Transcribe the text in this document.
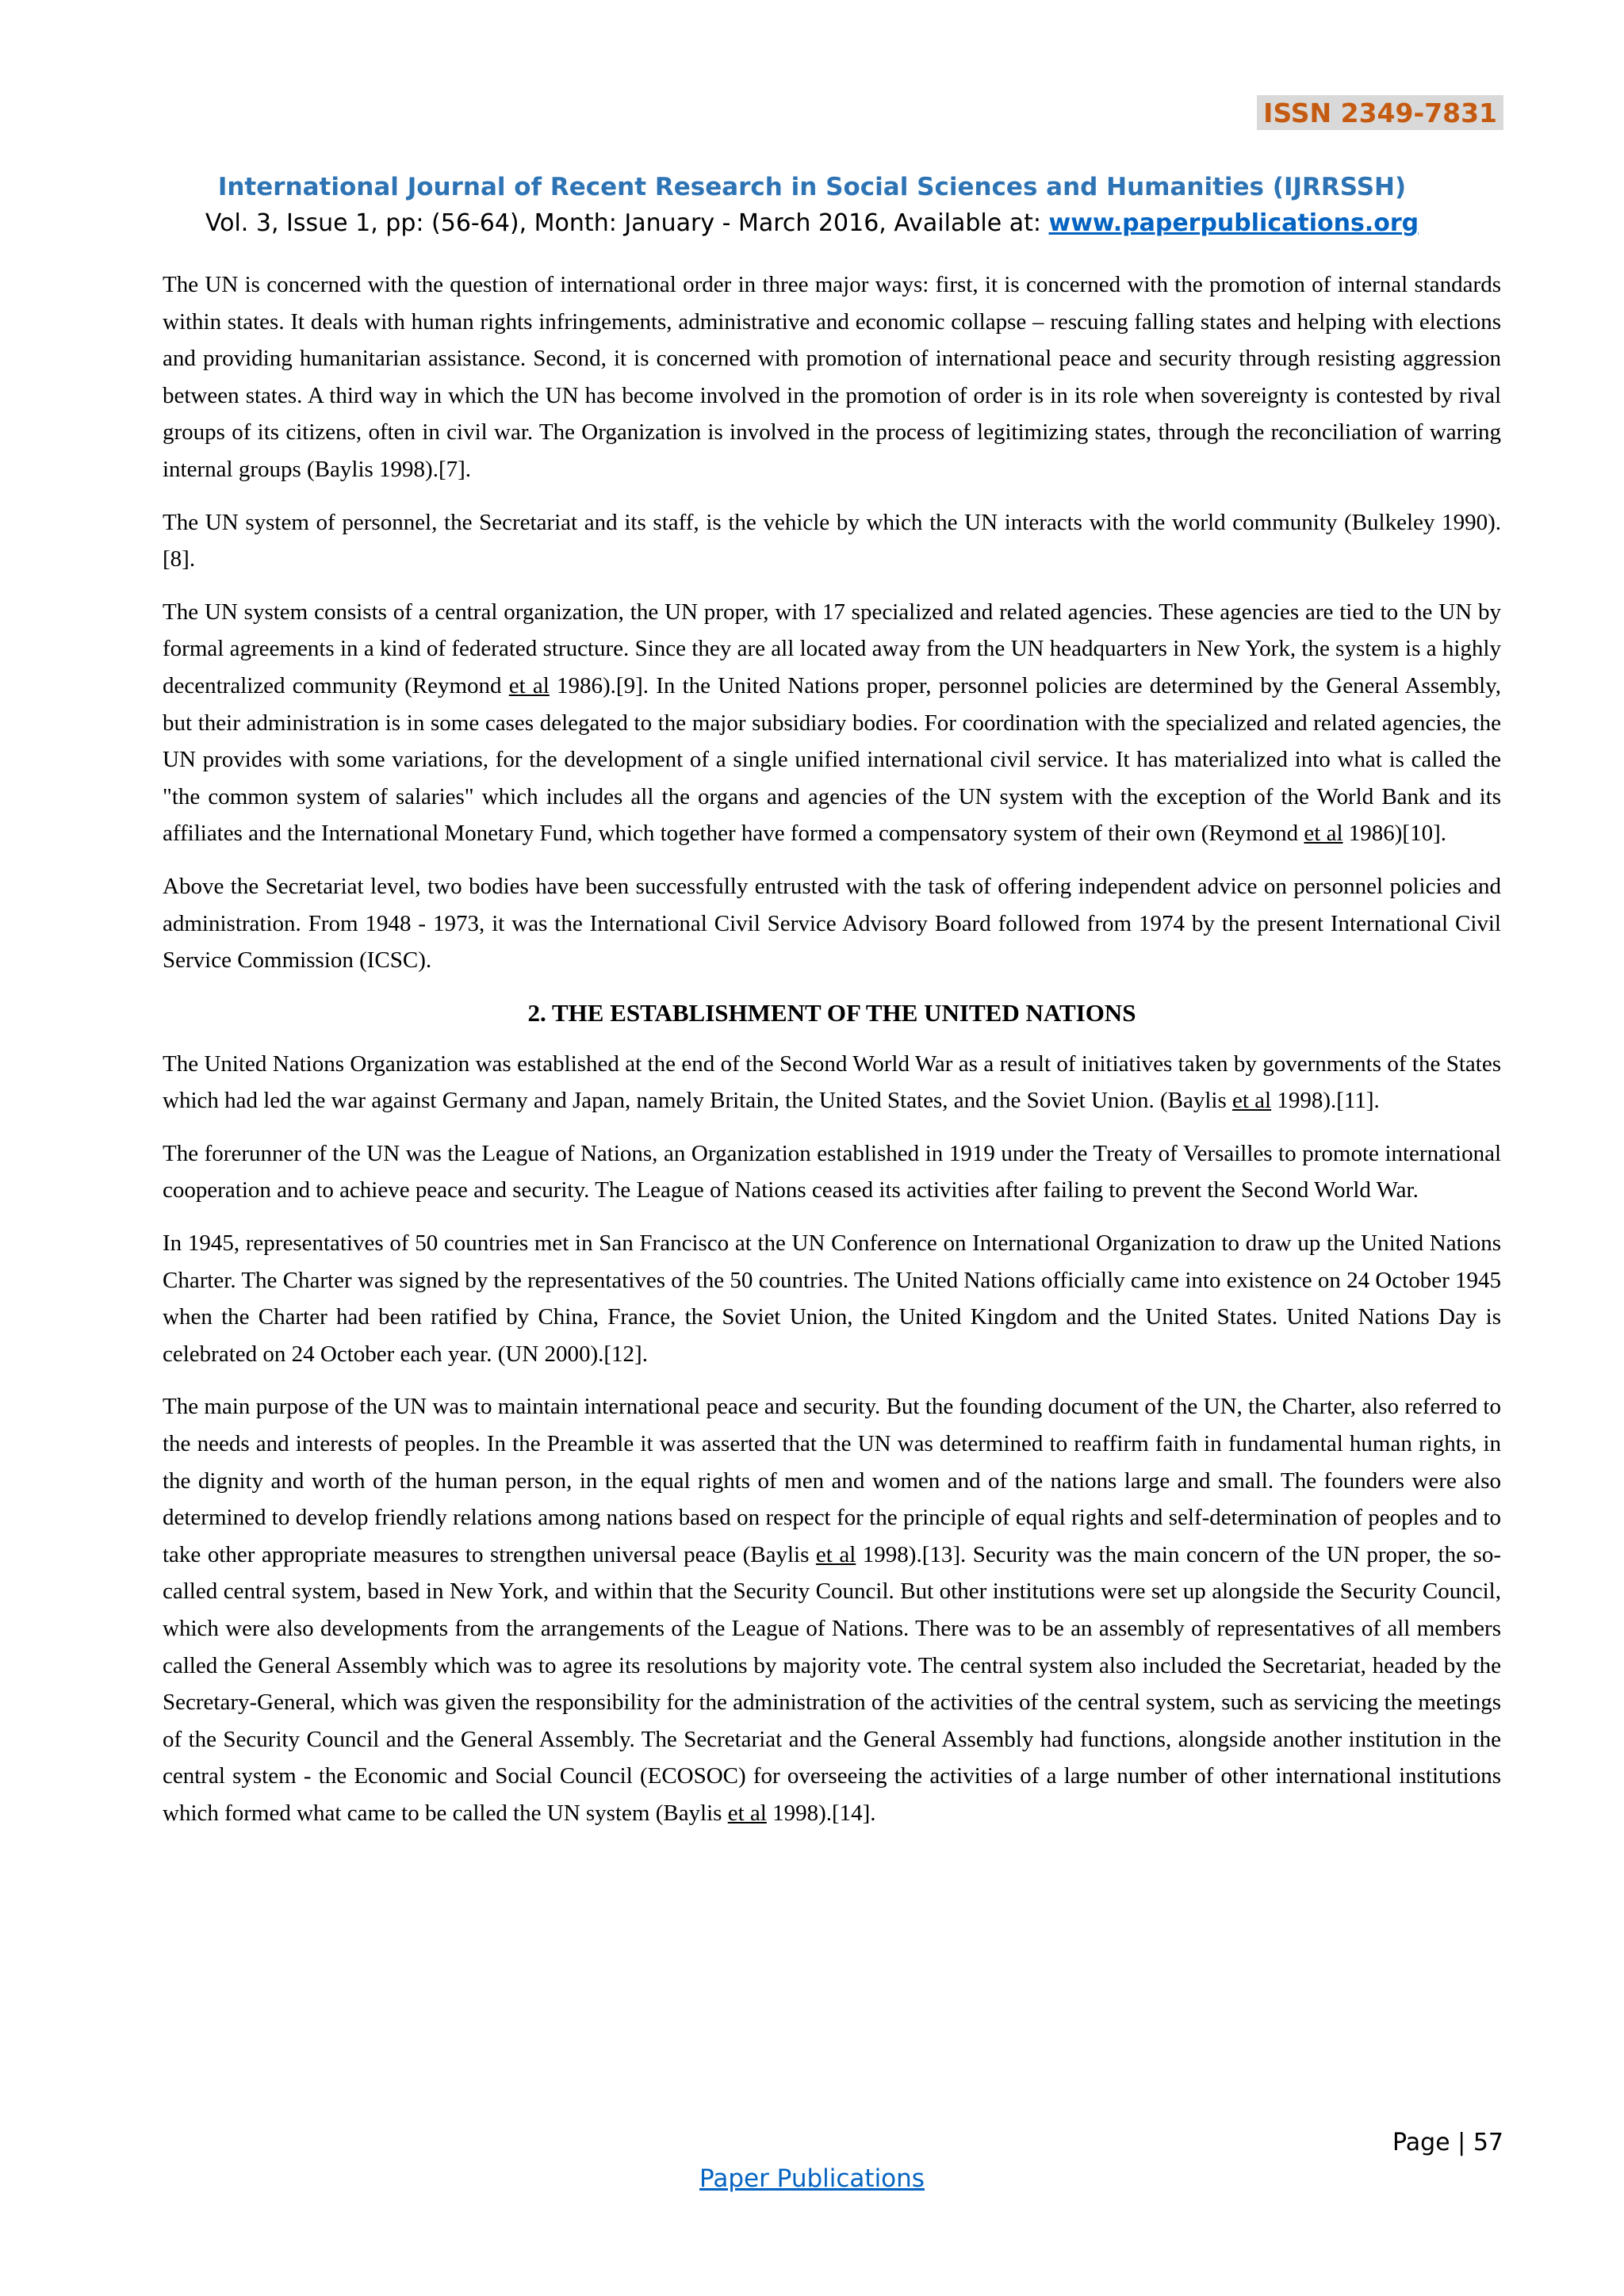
ISSN 2349-7831
International Journal of Recent Research in Social Sciences and Humanities (IJRRSSH)
Vol. 3, Issue 1, pp: (56-64), Month: January - March 2016, Available at: www.paperpublications.org

The UN is concerned with the question of international order in three major ways: first, it is concerned with the promotion of internal standards within states. It deals with human rights infringements, administrative and economic collapse – rescuing falling states and helping with elections and providing humanitarian assistance. Second, it is concerned with promotion of international peace and security through resisting aggression between states. A third way in which the UN has become involved in the promotion of order is in its role when sovereignty is contested by rival groups of its citizens, often in civil war. The Organization is involved in the process of legitimizing states, through the reconciliation of warring internal groups (Baylis 1998).[7].

The UN system of personnel, the Secretariat and its staff, is the vehicle by which the UN interacts with the world community (Bulkeley 1990).[8].

The UN system consists of a central organization, the UN proper, with 17 specialized and related agencies. These agencies are tied to the UN by formal agreements in a kind of federated structure. Since they are all located away from the UN headquarters in New York, the system is a highly decentralized community (Reymond et al 1986).[9]. In the United Nations proper, personnel policies are determined by the General Assembly, but their administration is in some cases delegated to the major subsidiary bodies. For coordination with the specialized and related agencies, the UN provides with some variations, for the development of a single unified international civil service. It has materialized into what is called the "the common system of salaries" which includes all the organs and agencies of the UN system with the exception of the World Bank and its affiliates and the International Monetary Fund, which together have formed a compensatory system of their own (Reymond et al 1986)[10].

Above the Secretariat level, two bodies have been successfully entrusted with the task of offering independent advice on personnel policies and administration. From 1948 - 1973, it was the International Civil Service Advisory Board followed from 1974 by the present International Civil Service Commission (ICSC).

2. THE ESTABLISHMENT OF THE UNITED NATIONS

The United Nations Organization was established at the end of the Second World War as a result of initiatives taken by governments of the States which had led the war against Germany and Japan, namely Britain, the United States, and the Soviet Union. (Baylis et al 1998).[11].

The forerunner of the UN was the League of Nations, an Organization established in 1919 under the Treaty of Versailles to promote international cooperation and to achieve peace and security. The League of Nations ceased its activities after failing to prevent the Second World War.

In 1945, representatives of 50 countries met in San Francisco at the UN Conference on International Organization to draw up the United Nations Charter. The Charter was signed by the representatives of the 50 countries. The United Nations officially came into existence on 24 October 1945 when the Charter had been ratified by China, France, the Soviet Union, the United Kingdom and the United States. United Nations Day is celebrated on 24 October each year. (UN 2000).[12].

The main purpose of the UN was to maintain international peace and security. But the founding document of the UN, the Charter, also referred to the needs and interests of peoples. In the Preamble it was asserted that the UN was determined to reaffirm faith in fundamental human rights, in the dignity and worth of the human person, in the equal rights of men and women and of the nations large and small. The founders were also determined to develop friendly relations among nations based on respect for the principle of equal rights and self-determination of peoples and to take other appropriate measures to strengthen universal peace (Baylis et al 1998).[13]. Security was the main concern of the UN proper, the so-called central system, based in New York, and within that the Security Council. But other institutions were set up alongside the Security Council, which were also developments from the arrangements of the League of Nations. There was to be an assembly of representatives of all members called the General Assembly which was to agree its resolutions by majority vote. The central system also included the Secretariat, headed by the Secretary-General, which was given the responsibility for the administration of the activities of the central system, such as servicing the meetings of the Security Council and the General Assembly. The Secretariat and the General Assembly had functions, alongside another institution in the central system - the Economic and Social Council (ECOSOC) for overseeing the activities of a large number of other international institutions which formed what came to be called the UN system (Baylis et al 1998).[14].

Page | 57
Paper Publications
